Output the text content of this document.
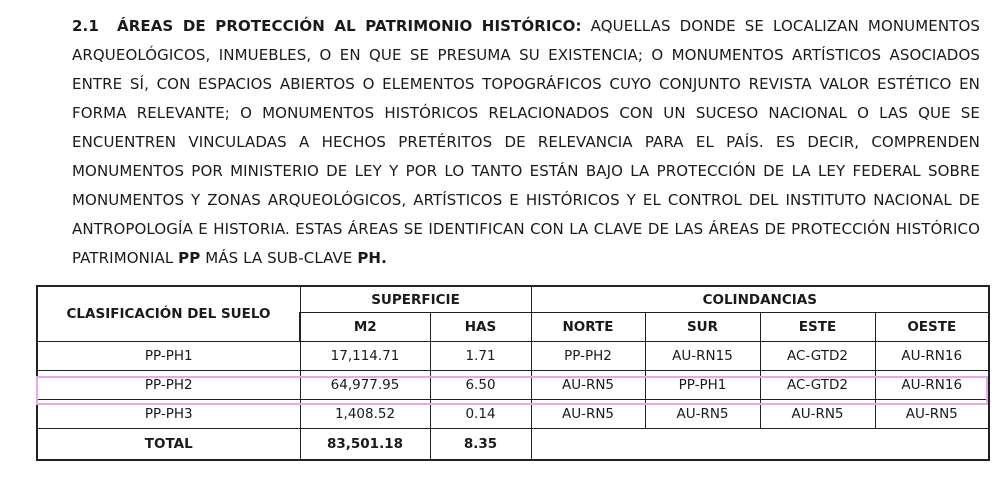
2.1 ÁREAS DE PROTECCIÓN AL PATRIMONIO HISTÓRICO: AQUELLAS DONDE SE LOCALIZAN MONUMENTOS ARQUEOLÓGICOS, INMUEBLES, O EN QUE SE PRESUMA SU EXISTENCIA; O MONUMENTOS ARTÍSTICOS ASOCIADOS ENTRE SÍ, CON ESPACIOS ABIERTOS O ELEMENTOS TOPOGRÁFICOS CUYO CONJUNTO REVISTA VALOR ESTÉTICO EN FORMA RELEVANTE; O MONUMENTOS HISTÓRICOS RELACIONADOS CON UN SUCESO NACIONAL O LAS QUE SE ENCUENTREN VINCULADAS A HECHOS PRETÉRITOS DE RELEVANCIA PARA EL PAÍS. ES DECIR, COMPRENDEN MONUMENTOS POR MINISTERIO DE LEY Y POR LO TANTO ESTÁN BAJO LA PROTECCIÓN DE LA LEY FEDERAL SOBRE MONUMENTOS Y ZONAS ARQUEOLÓGICOS, ARTÍSTICOS E HISTÓRICOS Y EL CONTROL DEL INSTITUTO NACIONAL DE ANTROPOLOGÍA E HISTORIA. ESTAS ÁREAS SE IDENTIFICAN CON LA CLAVE DE LAS ÁREAS DE PROTECCIÓN HISTÓRICO PATRIMONIAL PP MÁS LA SUB-CLAVE PH.
CLASIFICACIÓN DEL SUELO	SUPERFICIE		COLINDANCIAS			
	M2	HAS	NORTE	SUR	ESTE	OESTE
PP-PH1	17,114.71	1.71	PP-PH2	AU-RN15	AC-GTD2	AU-RN16
PP-PH2	64,977.95	6.50	AU-RN5	PP-PH1	AC-GTD2	AU-RN16
PP-PH3	1,408.52	0.14	AU-RN5	AU-RN5	AU-RN5	AU-RN5
TOTAL	83,501.18	8.35				
